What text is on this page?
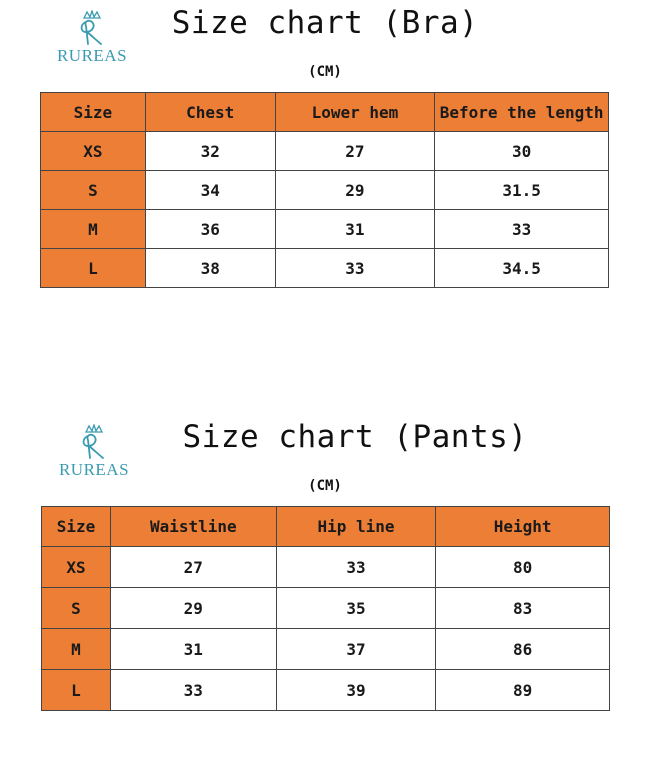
RUREAS
Size chart (Bra)
(CM)
Size	Chest	Lower hem	Before the length
XS	32	27	30
S	34	29	31.5
M	36	31	33
L	38	33	34.5
RUREAS
Size chart (Pants)
(CM)
Size	Waistline	Hip line	Height
XS	27	33	80
S	29	35	83
M	31	37	86
L	33	39	89
